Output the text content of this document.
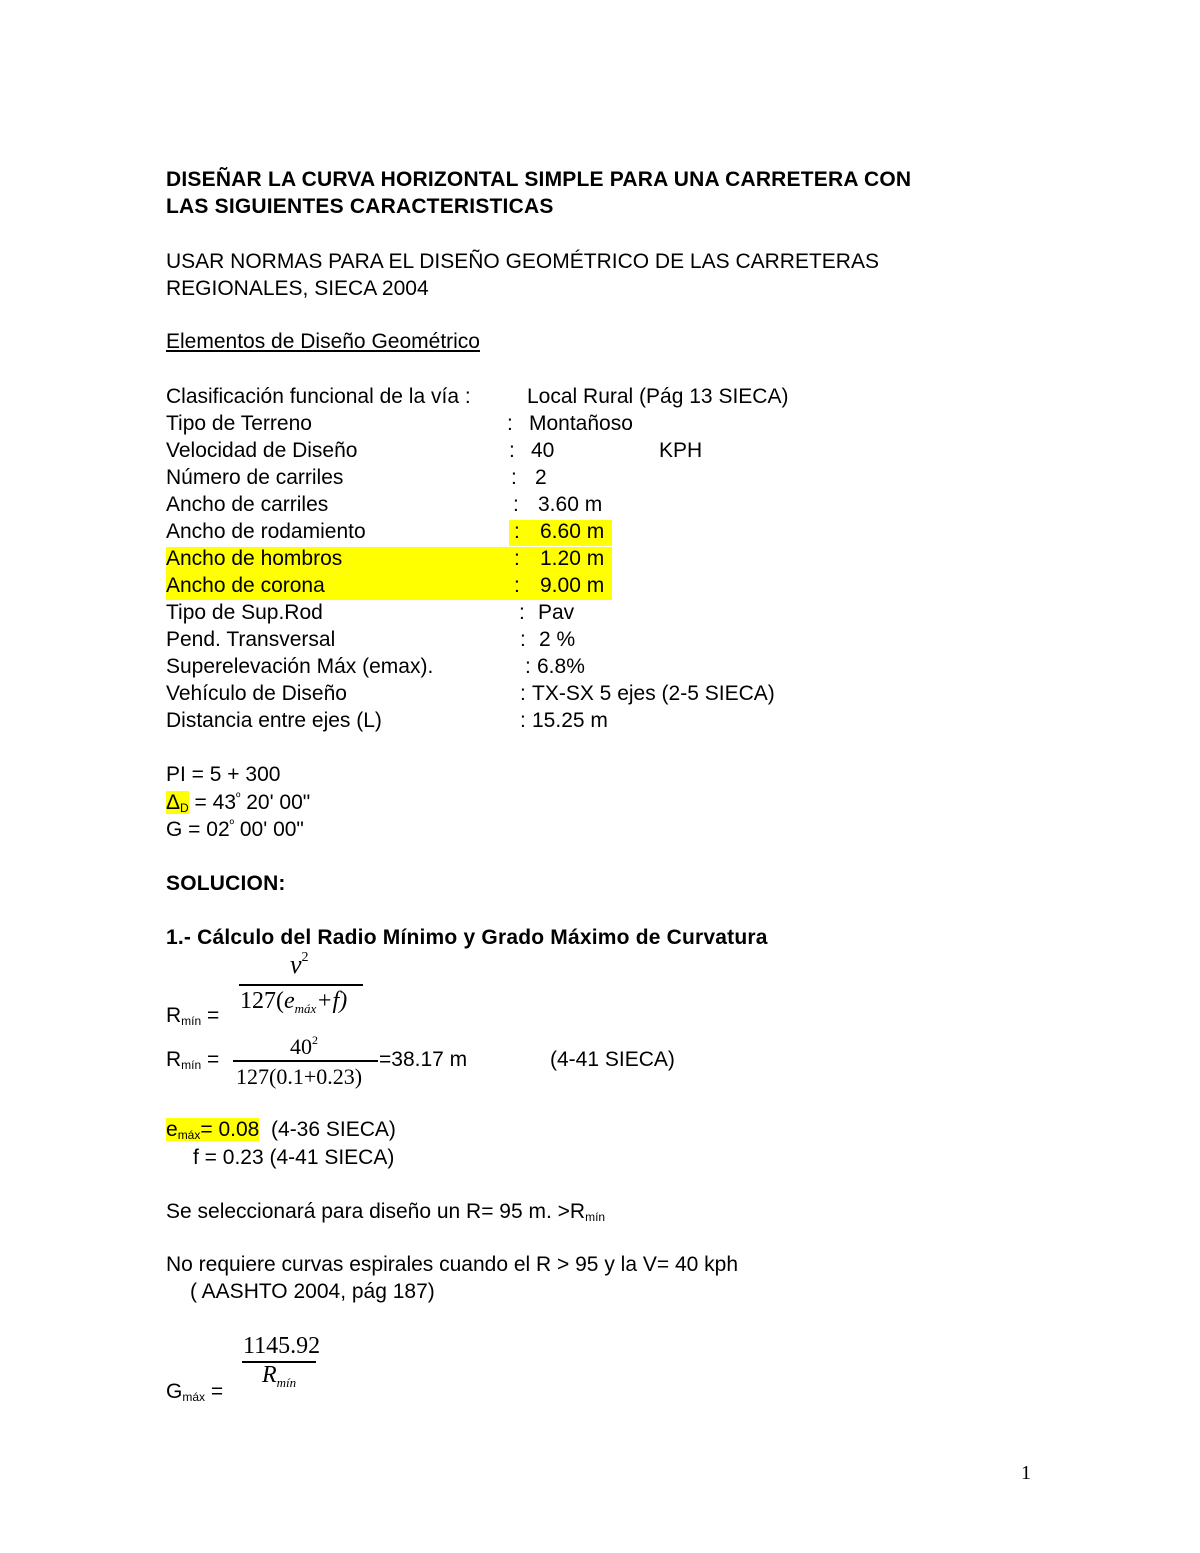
DISEÑAR LA CURVA HORIZONTAL SIMPLE PARA UNA CARRETERA CON
LAS SIGUIENTES CARACTERISTICAS
USAR NORMAS PARA EL DISEÑO GEOMÉTRICO DE LAS CARRETERAS
REGIONALES, SIECA 2004
Elementos de Diseño Geométrico
Clasificación funcional de la vía :	Local Rural (Pág 13 SIECA)
Tipo de Terreno	: Montañoso
Velocidad de Diseño	: 40	KPH
Número de carriles	: 2
Ancho de carriles	: 3.60 m
Ancho de rodamiento	: 6.60 m
Ancho de hombros	: 1.20 m
Ancho de corona	: 9.00 m
Tipo de Sup.Rod	: Pav
Pend. Transversal	: 2 %
Superelevación Máx (emax).	: 6.8%
Vehículo de Diseño	: TX-SX 5 ejes (2-5 SIECA)
Distancia entre ejes (L)	: 15.25 m
PI = 5 + 300
$\Delta_D = 43^º$ 20' 00"
$G = 02^º$ 00' 00"
SOLUCION:
1.- Cálculo del Radio Mínimo y Grado Máximo de Curvatura
$v^2$
$127(e_{máx}+f)$
$R_{mín}$ =
$40^2$
127(0.1+0.23)
$R_{mín}$ =	=38.17 m	(4-41 SIECA)
$e_{máx}= 0.08$ (4-36 SIECA)
f = 0.23 (4-41 SIECA)
Se seleccionará para diseño un R= 95 m. $>R_{mín}$
No requiere curvas espirales cuando el R > 95 y la V= 40 kph
( AASHTO 2004, pág 187)
1145.92
$R_{mín}$
$G_{máx}$ =
1
